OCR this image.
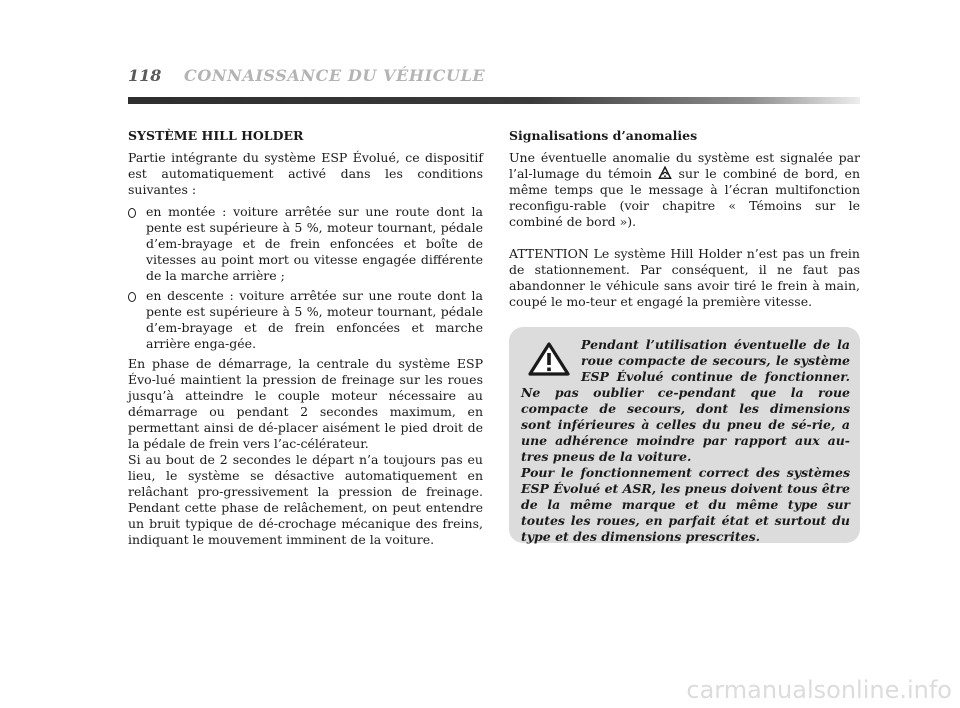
118 CONNAISSANCE DU VÉHICULE

SYSTÈME HILL HOLDER

Partie intégrante du système ESP Évolué, ce dispositif est automatiquement activé dans les conditions suivantes :

en montée : voiture arrêtée sur une route dont la pente est supérieure à 5 %, moteur tournant, pédale d’em-brayage et de frein enfoncées et boîte de vitesses au point mort ou vitesse engagée différente de la marche arrière ;
en descente : voiture arrêtée sur une route dont la pente est supérieure à 5 %, moteur tournant, pédale d’em-brayage et de frein enfoncées et marche arrière enga-gée.

En phase de démarrage, la centrale du système ESP Évo-lué maintient la pression de freinage sur les roues jusqu’à atteindre le couple moteur nécessaire au démarrage ou pendant 2 secondes maximum, en permettant ainsi de dé-placer aisément le pied droit de la pédale de frein vers l’ac-célérateur.

Si au bout de 2 secondes le départ n’a toujours pas eu lieu, le système se désactive automatiquement en relâchant pro-gressivement la pression de freinage. Pendant cette phase de relâchement, on peut entendre un bruit typique de dé-crochage mécanique des freins, indiquant le mouvement imminent de la voiture.

Signalisations d’anomalies

Une éventuelle anomalie du système est signalée par l’al-lumage du témoin sur le combiné de bord, en même temps que le message à l’écran multifonction reconfigu-rable (voir chapitre « Témoins sur le combiné de bord »).

ATTENTION Le système Hill Holder n’est pas un frein de stationnement. Par conséquent, il ne faut pas abandonner le véhicule sans avoir tiré le frein à main, coupé le mo-teur et engagé la première vitesse.

Pendant l’utilisation éventuelle de la roue compacte de secours, le système ESP Évolué continue de fonctionner. Ne pas oublier ce-pendant que la roue compacte de secours, dont les dimensions sont inférieures à celles du pneu de sé-rie, a une adhérence moindre par rapport aux au-tres pneus de la voiture.

Pour le fonctionnement correct des systèmes ESP Évolué et ASR, les pneus doivent tous être de la même marque et du même type sur toutes les roues, en parfait état et surtout du type et des dimensions prescrites.

carmanualsonline.info
